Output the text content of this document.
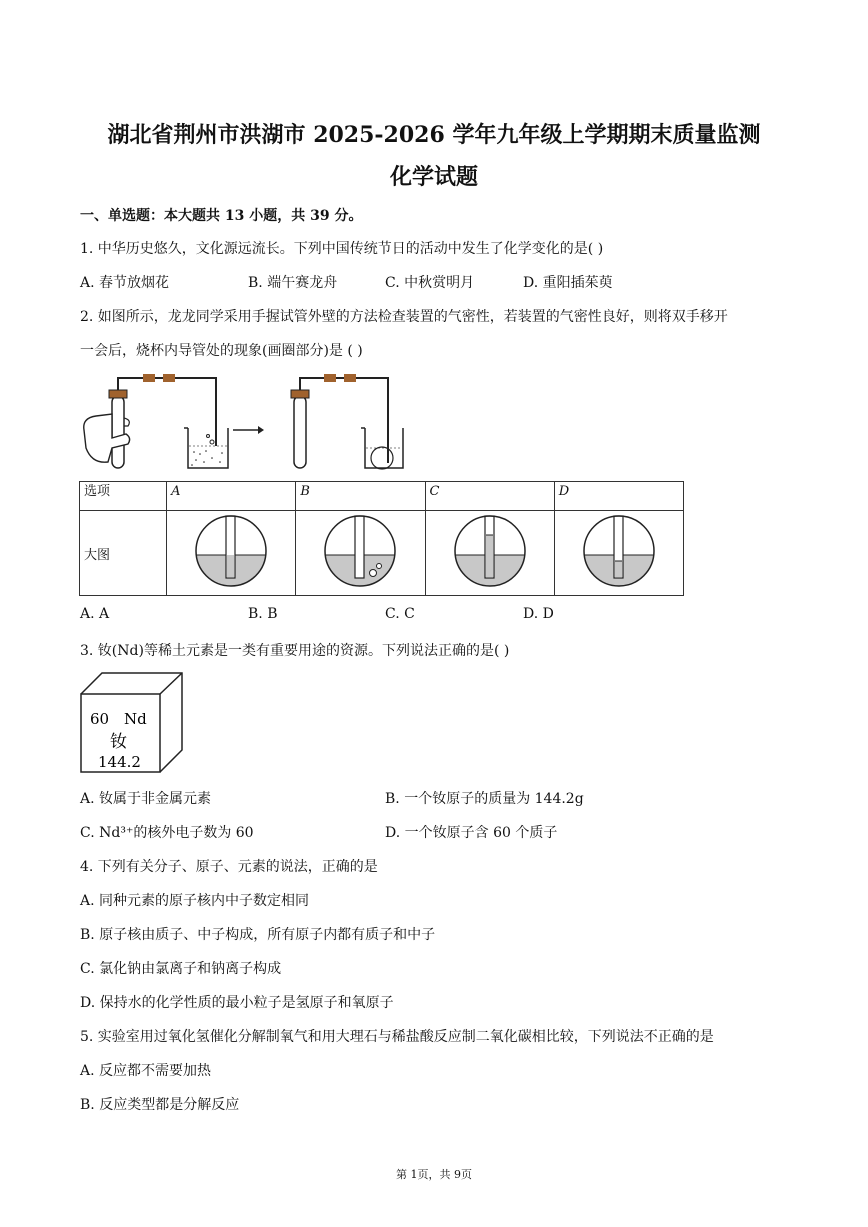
湖北省荆州市洪湖市 2025-2026 学年九年级上学期期末质量监测
化学试题
一、单选题：本大题共 13 小题，共 39 分。
1. 中华历史悠久，文化源远流长。下列中国传统节日的活动中发生了化学变化的是( )
A. 春节放烟花	B. 端午赛龙舟	C. 中秋赏明月	D. 重阳插茱萸
2. 如图所示，龙龙同学采用手握试管外壁的方法检查装置的气密性，若装置的气密性良好，则将双手移开
一会后，烧杯内导管处的现象(画圈部分)是 ( )
选项	A	B	C	D
大图				
A. A	B. B	C. C	D. D
3. 钕(Nd)等稀土元素是一类有重要用途的资源。下列说法正确的是( )
60 Nd
钕
144.2
A. 钕属于非金属元素	B. 一个钕原子的质量为 144.2g
C. Nd³⁺的核外电子数为 60	D. 一个钕原子含 60 个质子
4. 下列有关分子、原子、元素的说法，正确的是
A. 同种元素的原子核内中子数定相同
B. 原子核由质子、中子构成，所有原子内都有质子和中子
C. 氯化钠由氯离子和钠离子构成
D. 保持水的化学性质的最小粒子是氢原子和氧原子
5. 实验室用过氧化氢催化分解制氧气和用大理石与稀盐酸反应制二氧化碳相比较，下列说法不正确的是
A. 反应都不需要加热
B. 反应类型都是分解反应
第 1页，共 9页
